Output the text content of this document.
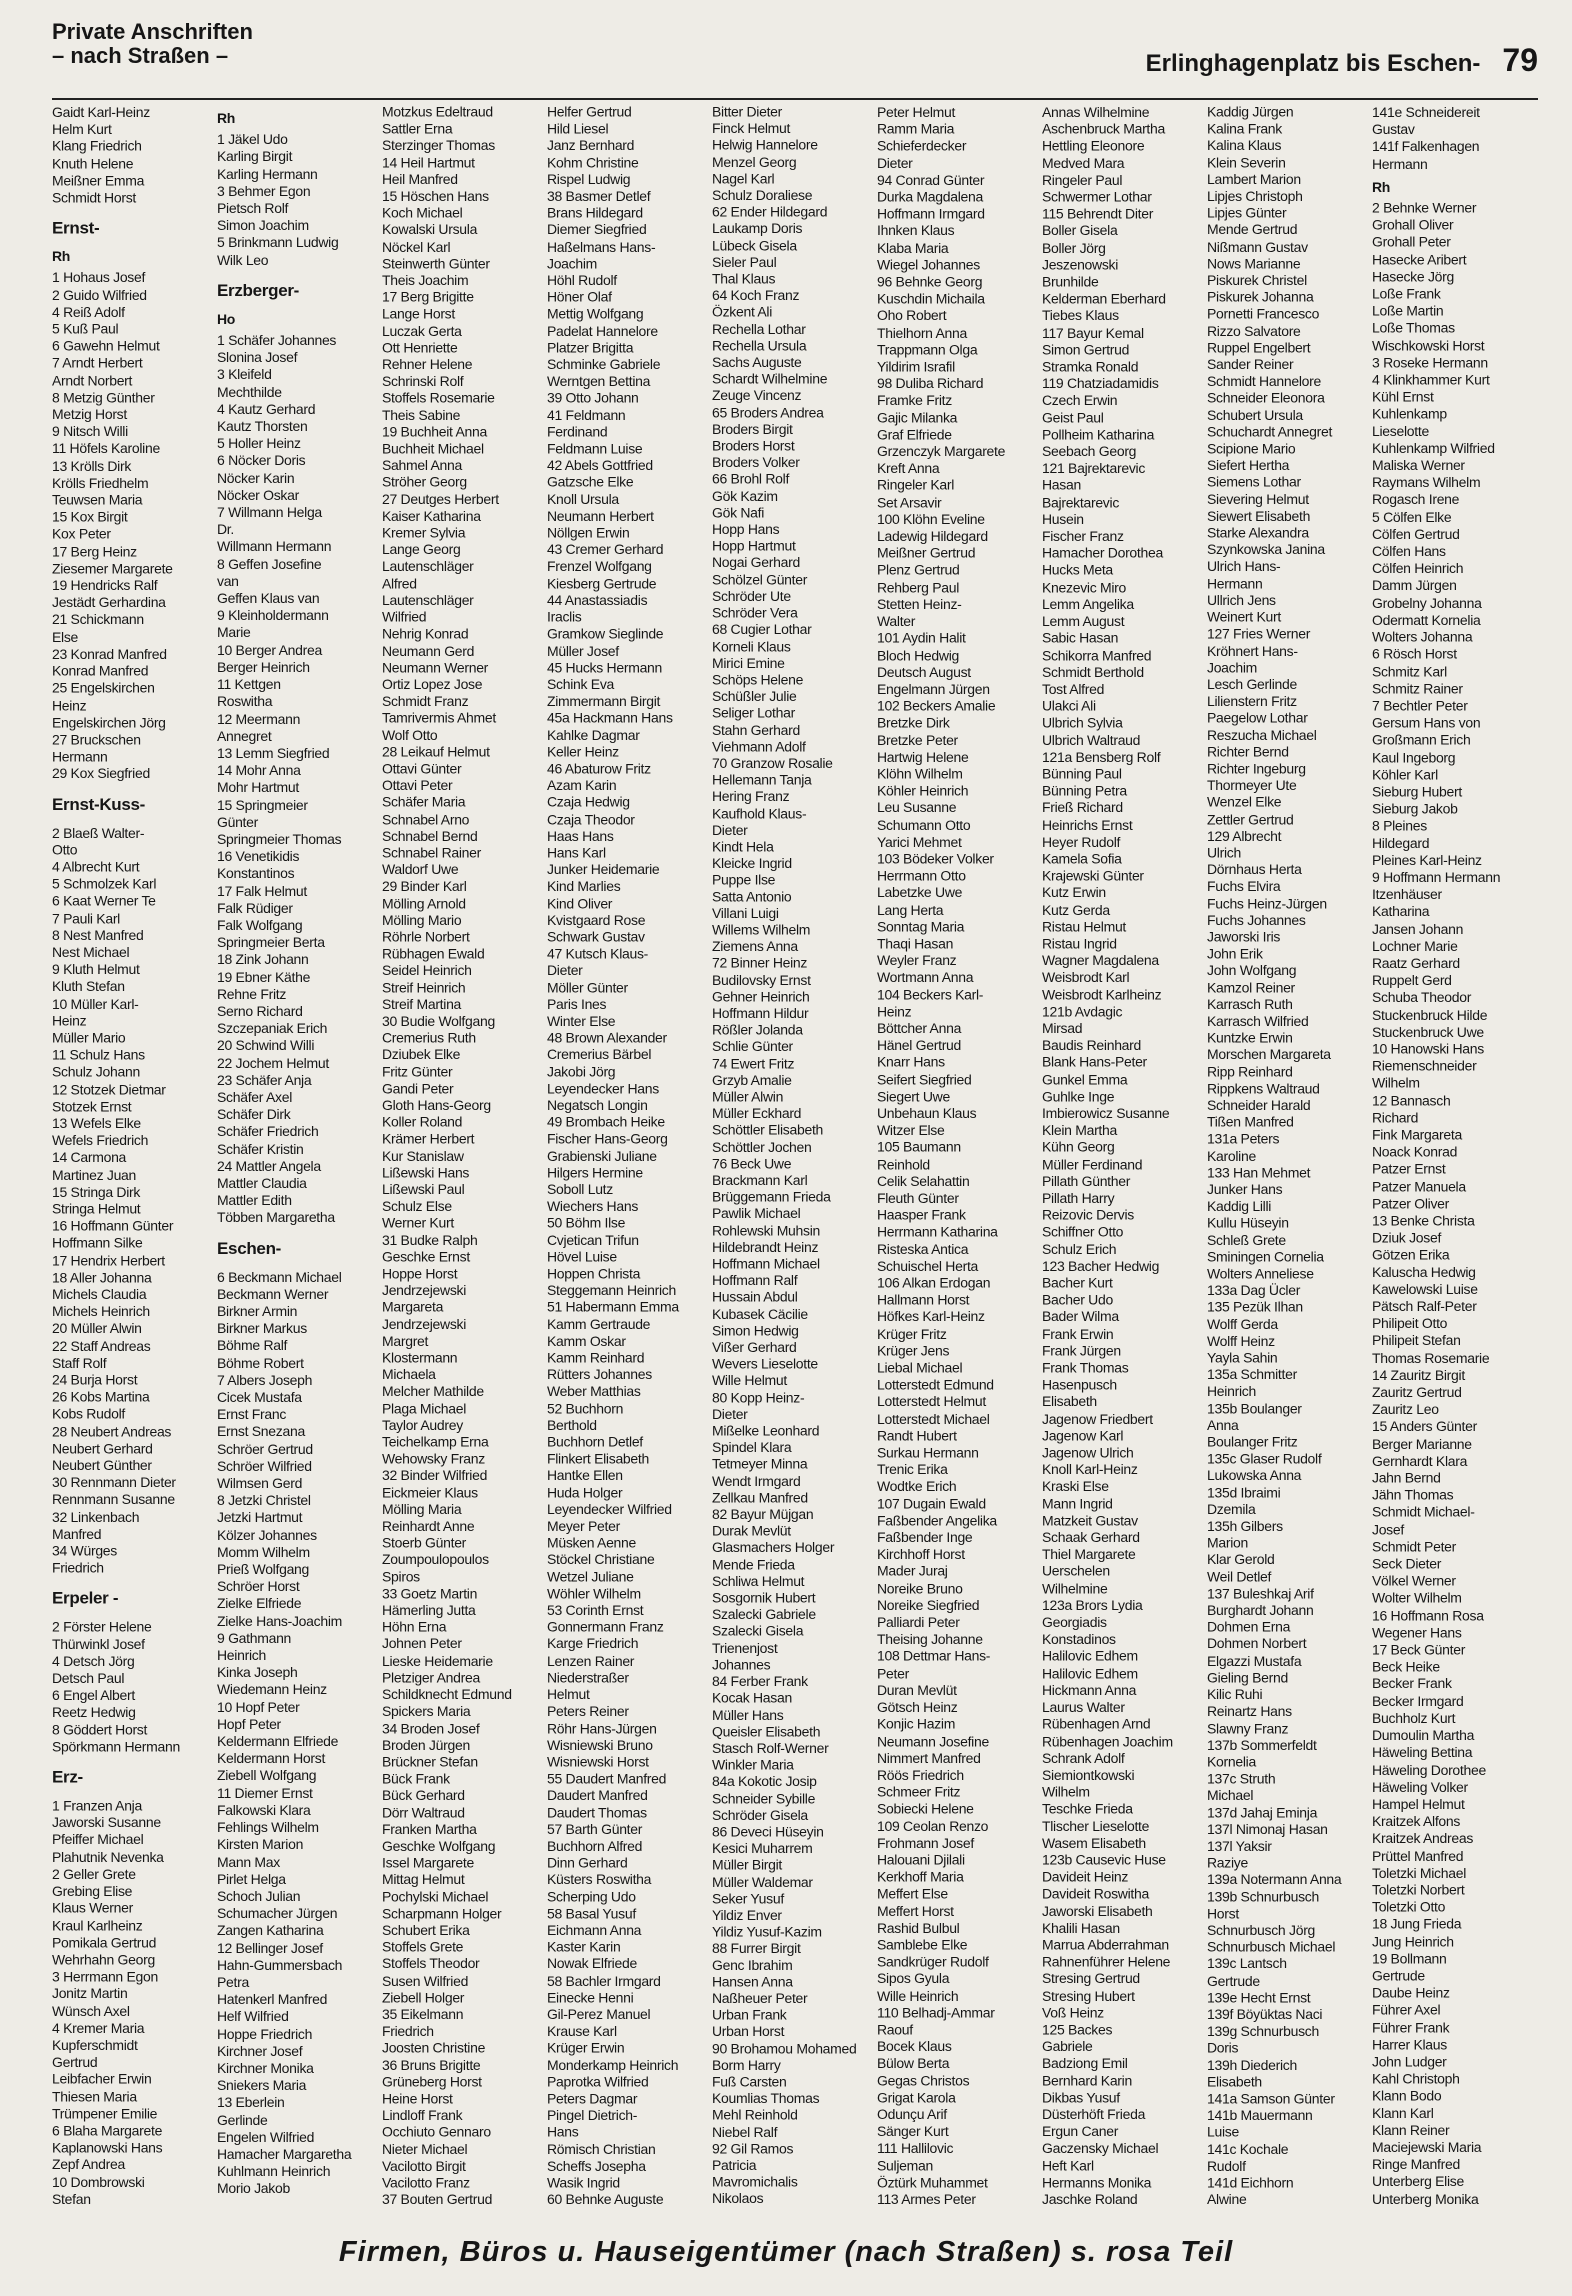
Private Anschriften
– nach Straßen –	Erlinghagenplatz bis Eschen- 79
Gaidt Karl-Heinz
Helm Kurt
Klang Friedrich
Knuth Helene
Meißner Emma
Schmidt Horst
Ernst-
Rh
1 Hohaus Josef
2 Guido Wilfried
4 Reiß Adolf
5 Kuß Paul
6 Gawehn Helmut
7 Arndt Herbert
Arndt Norbert
8 Metzig Günther
Metzig Horst
9 Nitsch Willi
11 Höfels Karoline
13 Krölls Dirk
Krölls Friedhelm
Teuwsen Maria
15 Kox Birgit
Kox Peter
17 Berg Heinz
Ziesemer Margarete
19 Hendricks Ralf
Jestädt Gerhardina
21 Schickmann
Else
23 Konrad Manfred
Konrad Manfred
25 Engelskirchen
Heinz
Engelskirchen Jörg
27 Bruckschen
Hermann
29 Kox Siegfried
Ernst-Kuss-
2 Blaeß Walter-
Otto
4 Albrecht Kurt
5 Schmolzek Karl
6 Kaat Werner Te
7 Pauli Karl
8 Nest Manfred
Nest Michael
9 Kluth Helmut
Kluth Stefan
10 Müller Karl-
Heinz
Müller Mario
11 Schulz Hans
Schulz Johann
12 Stotzek Dietmar
Stotzek Ernst
13 Wefels Elke
Wefels Friedrich
14 Carmona
Martinez Juan
15 Stringa Dirk
Stringa Helmut
16 Hoffmann Günter
Hoffmann Silke
17 Hendrix Herbert
18 Aller Johanna
Michels Claudia
Michels Heinrich
20 Müller Alwin
22 Staff Andreas
Staff Rolf
24 Burja Horst
26 Kobs Martina
Kobs Rudolf
28 Neubert Andreas
Neubert Gerhard
Neubert Günther
30 Rennmann Dieter
Rennmann Susanne
32 Linkenbach
Manfred
34 Würges
Friedrich
Erpeler -
2 Förster Helene
Thürwinkl Josef
4 Detsch Jörg
Detsch Paul
6 Engel Albert
Reetz Hedwig
8 Göddert Horst
Spörkmann Hermann
Erz-
1 Franzen Anja
Jaworski Susanne
Pfeiffer Michael
Plahutnik Nevenka
2 Geller Grete
Grebing Elise
Klaus Werner
Kraul Karlheinz
Pomikala Gertrud
Wehrhahn Georg
3 Herrmann Egon
Jonitz Martin
Wünsch Axel
4 Kremer Maria
Kupferschmidt
Gertrud
Leibfacher Erwin
Thiesen Maria
Trümpener Emilie
6 Blaha Margarete
Kaplanowski Hans
Zepf Andrea
10 Dombrowski
Stefan
Rh
1 Jäkel Udo
Karling Birgit
Karling Hermann
3 Behmer Egon
Pietsch Rolf
Simon Joachim
5 Brinkmann Ludwig
Wilk Leo
Erzberger-
Ho
1 Schäfer Johannes
Slonina Josef
3 Kleifeld
Mechthilde
4 Kautz Gerhard
Kautz Thorsten
5 Holler Heinz
6 Nöcker Doris
Nöcker Karin
Nöcker Oskar
7 Willmann Helga
Dr.
Willmann Hermann
8 Geffen Josefine
van
Geffen Klaus van
9 Kleinholdermann
Marie
10 Berger Andrea
Berger Heinrich
11 Kettgen
Roswitha
12 Meermann
Annegret
13 Lemm Siegfried
14 Mohr Anna
Mohr Hartmut
15 Springmeier
Günter
Springmeier Thomas
16 Venetikidis
Konstantinos
17 Falk Helmut
Falk Rüdiger
Falk Wolfgang
Springmeier Berta
18 Zink Johann
19 Ebner Käthe
Rehne Fritz
Serno Richard
Szczepaniak Erich
20 Schwind Willi
22 Jochem Helmut
23 Schäfer Anja
Schäfer Axel
Schäfer Dirk
Schäfer Friedrich
Schäfer Kristin
24 Mattler Angela
Mattler Claudia
Mattler Edith
Többen Margaretha
Eschen-
6 Beckmann Michael
Beckmann Werner
Birkner Armin
Birkner Markus
Böhme Ralf
Böhme Robert
7 Albers Joseph
Cicek Mustafa
Ernst Franc
Ernst Snezana
Schröer Gertrud
Schröer Wilfried
Wilmsen Gerd
8 Jetzki Christel
Jetzki Hartmut
Kölzer Johannes
Momm Wilhelm
Prieß Wolfgang
Schröer Horst
Zielke Elfriede
Zielke Hans-Joachim
9 Gathmann
Heinrich
Kinka Joseph
Wiedemann Heinz
10 Hopf Peter
Hopf Peter
Keldermann Elfriede
Keldermann Horst
Ziebell Wolfgang
11 Diemer Ernst
Falkowski Klara
Fehlings Wilhelm
Kirsten Marion
Mann Max
Pirlet Helga
Schoch Julian
Schumacher Jürgen
Zangen Katharina
12 Bellinger Josef
Hahn-Gummersbach
Petra
Hatenkerl Manfred
Helf Wilfried
Hoppe Friedrich
Kirchner Josef
Kirchner Monika
Sniekers Maria
13 Eberlein
Gerlinde
Engelen Wilfried
Hamacher Margaretha
Kuhlmann Heinrich
Morio Jakob
Motzkus Edeltraud
Sattler Erna
Sterzinger Thomas
14 Heil Hartmut
Heil Manfred
15 Höschen Hans
Koch Michael
Kowalski Ursula
Nöckel Karl
Steinwerth Günter
Theis Joachim
17 Berg Brigitte
Lange Horst
Luczak Gerta
Ott Henriette
Rehner Helene
Schrinski Rolf
Stoffels Rosemarie
Theis Sabine
19 Buchheit Anna
Buchheit Michael
Sahmel Anna
Ströher Georg
27 Deutges Herbert
Kaiser Katharina
Kremer Sylvia
Lange Georg
Lautenschläger
Alfred
Lautenschläger
Wilfried
Nehrig Konrad
Neumann Gerd
Neumann Werner
Ortiz Lopez Jose
Schmidt Franz
Tamrivermis Ahmet
Wolf Otto
28 Leikauf Helmut
Ottavi Günter
Ottavi Peter
Schäfer Maria
Schnabel Arno
Schnabel Bernd
Schnabel Rainer
Waldorf Uwe
29 Binder Karl
Mölling Arnold
Mölling Mario
Röhrle Norbert
Rübhagen Ewald
Seidel Heinrich
Streif Heinrich
Streif Martina
30 Budie Wolfgang
Cremerius Ruth
Dziubek Elke
Fritz Günter
Gandi Peter
Gloth Hans-Georg
Koller Roland
Krämer Herbert
Kur Stanislaw
Lißewski Hans
Lißewski Paul
Schulz Else
Werner Kurt
31 Budke Ralph
Geschke Ernst
Hoppe Horst
Jendrzejewski
Margareta
Jendrzejewski
Margret
Klostermann
Michaela
Melcher Mathilde
Plaga Michael
Taylor Audrey
Teichelkamp Erna
Wehowsky Franz
32 Binder Wilfried
Eickmeier Klaus
Mölling Maria
Reinhardt Anne
Stoerb Günter
Zoumpoulopoulos
Spiros
33 Goetz Martin
Hämerling Jutta
Höhn Erna
Johnen Peter
Lieske Heidemarie
Pletziger Andrea
Schildknecht Edmund
Spickers Maria
34 Broden Josef
Broden Jürgen
Brückner Stefan
Bück Frank
Bück Gerhard
Dörr Waltraud
Franken Martha
Geschke Wolfgang
Issel Margarete
Mittag Helmut
Pochylski Michael
Scharpmann Holger
Schubert Erika
Stoffels Grete
Stoffels Theodor
Susen Wilfried
Ziebell Holger
35 Eikelmann
Friedrich
Joosten Christine
36 Bruns Brigitte
Grüneberg Horst
Heine Horst
Lindloff Frank
Occhiuto Gennaro
Nieter Michael
Vacilotto Birgit
Vacilotto Franz
37 Bouten Gertrud
Helfer Gertrud
Hild Liesel
Janz Bernhard
Kohm Christine
Rispel Ludwig
38 Basmer Detlef
Brans Hildegard
Diemer Siegfried
Haßelmans Hans-
Joachim
Höhl Rudolf
Höner Olaf
Mettig Wolfgang
Padelat Hannelore
Platzer Brigitta
Schminke Gabriele
Werntgen Bettina
39 Otto Johann
41 Feldmann
Ferdinand
Feldmann Luise
42 Abels Gottfried
Gatzsche Elke
Knoll Ursula
Neumann Herbert
Nöllgen Erwin
43 Cremer Gerhard
Frenzel Wolfgang
Kiesberg Gertrude
44 Anastassiadis
Iraclis
Gramkow Sieglinde
Müller Josef
45 Hucks Hermann
Schink Eva
Zimmermann Birgit
45a Hackmann Hans
Kahlke Dagmar
Keller Heinz
46 Abaturow Fritz
Azam Karin
Czaja Hedwig
Czaja Theodor
Haas Hans
Hans Karl
Junker Heidemarie
Kind Marlies
Kind Oliver
Kvistgaard Rose
Schwark Gustav
47 Kutsch Klaus-
Dieter
Möller Günter
Paris Ines
Winter Else
48 Brown Alexander
Cremerius Bärbel
Jakobi Jörg
Leyendecker Hans
Negatsch Longin
49 Brombach Heike
Fischer Hans-Georg
Grabienski Juliane
Hilgers Hermine
Soboll Lutz
Wiechers Hans
50 Böhm Ilse
Cvjetican Trifun
Hövel Luise
Hoppen Christa
Steggemann Heinrich
51 Habermann Emma
Kamm Gertraude
Kamm Oskar
Kamm Reinhard
Rütters Johannes
Weber Matthias
52 Buchhorn
Berthold
Buchhorn Detlef
Flinkert Elisabeth
Hantke Ellen
Huda Holger
Leyendecker Wilfried
Meyer Peter
Müsken Aenne
Stöckel Christiane
Wetzel Juliane
Wöhler Wilhelm
53 Corinth Ernst
Gonnermann Franz
Karge Friedrich
Lenzen Rainer
Niederstraßer
Helmut
Peters Reiner
Röhr Hans-Jürgen
Wisniewski Bruno
Wisniewski Horst
55 Daudert Manfred
Daudert Manfred
Daudert Thomas
57 Barth Günter
Buchhorn Alfred
Dinn Gerhard
Küsters Roswitha
Scherping Udo
58 Basal Yusuf
Eichmann Anna
Kaster Karin
Nowak Elfriede
58 Bachler Irmgard
Einecke Henni
Gil-Perez Manuel
Krause Karl
Krüger Erwin
Monderkamp Heinrich
Paprotka Wilfried
Peters Dagmar
Pingel Dietrich-
Hans
Römisch Christian
Scheffs Josepha
Wasik Ingrid
60 Behnke Auguste
Bitter Dieter
Finck Helmut
Helwig Hannelore
Menzel Georg
Nagel Karl
Schulz Doraliese
62 Ender Hildegard
Laukamp Doris
Lübeck Gisela
Sieler Paul
Thal Klaus
64 Koch Franz
Özkent Ali
Rechella Lothar
Rechella Ursula
Sachs Auguste
Schardt Wilhelmine
Zeuge Vincenz
65 Broders Andrea
Broders Birgit
Broders Horst
Broders Volker
66 Brohl Rolf
Gök Kazim
Gök Nafi
Hopp Hans
Hopp Hartmut
Nogai Gerhard
Schölzel Günter
Schröder Ute
Schröder Vera
68 Cugier Lothar
Korneli Klaus
Mirici Emine
Schöps Helene
Schüßler Julie
Seliger Lothar
Stahn Gerhard
Viehmann Adolf
70 Granzow Rosalie
Hellemann Tanja
Hering Franz
Kaufhold Klaus-
Dieter
Kindt Hela
Kleicke Ingrid
Puppe Ilse
Satta Antonio
Villani Luigi
Willems Wilhelm
Ziemens Anna
72 Binner Heinz
Budilovsky Ernst
Gehner Heinrich
Hoffmann Hildur
Rößler Jolanda
Schlie Günter
74 Ewert Fritz
Grzyb Amalie
Müller Alwin
Müller Eckhard
Schöttler Elisabeth
Schöttler Jochen
76 Beck Uwe
Brackmann Karl
Brüggemann Frieda
Pawlik Michael
Rohlewski Muhsin
Hildebrandt Heinz
Hoffmann Michael
Hoffmann Ralf
Hussain Abdul
Kubasek Cäcilie
Simon Hedwig
Vißer Gerhard
Wevers Lieselotte
Wille Helmut
80 Kopp Heinz-
Dieter
Mißelke Leonhard
Spindel Klara
Tetmeyer Minna
Wendt Irmgard
Zellkau Manfred
82 Bayur Müjgan
Durak Mevlüt
Glasmachers Holger
Mende Frieda
Schliwa Helmut
Sosgornik Hubert
Szalecki Gabriele
Szalecki Gisela
Trienenjost
Johannes
84 Ferber Frank
Kocak Hasan
Müller Hans
Queisler Elisabeth
Stasch Rolf-Werner
Winkler Maria
84a Kokotic Josip
Schneider Sybille
Schröder Gisela
86 Deveci Hüseyin
Kesici Muharrem
Müller Birgit
Müller Waldemar
Seker Yusuf
Yildiz Enver
Yildiz Yusuf-Kazim
88 Furrer Birgit
Genc Ibrahim
Hansen Anna
Naßheuer Peter
Urban Frank
Urban Horst
90 Brohamou Mohamed
Borm Harry
Fuß Carsten
Koumlias Thomas
Mehl Reinhold
Niebel Ralf
92 Gil Ramos
Patricia
Mavromichalis
Nikolaos
Peter Helmut
Ramm Maria
Schieferdecker
Dieter
94 Conrad Günter
Durka Magdalena
Hoffmann Irmgard
Ihnken Klaus
Klaba Maria
Wiegel Johannes
96 Behnke Georg
Kuschdin Michaila
Oho Robert
Thielhorn Anna
Trappmann Olga
Yildirim Israfil
98 Duliba Richard
Framke Fritz
Gajic Milanka
Graf Elfriede
Grzenczyk Margarete
Kreft Anna
Ringeler Karl
Set Arsavir
100 Klöhn Eveline
Ladewig Hildegard
Meißner Gertrud
Plenz Gertrud
Rehberg Paul
Stetten Heinz-
Walter
101 Aydin Halit
Bloch Hedwig
Deutsch August
Engelmann Jürgen
102 Beckers Amalie
Bretzke Dirk
Bretzke Peter
Hartwig Helene
Klöhn Wilhelm
Köhler Heinrich
Leu Susanne
Schumann Otto
Yarici Mehmet
103 Bödeker Volker
Herrmann Otto
Labetzke Uwe
Lang Herta
Sonntag Maria
Thaqi Hasan
Weyler Franz
Wortmann Anna
104 Beckers Karl-
Heinz
Böttcher Anna
Hänel Gertrud
Knarr Hans
Seifert Siegfried
Siegert Uwe
Unbehaun Klaus
Witzer Else
105 Baumann
Reinhold
Celik Selahattin
Fleuth Günter
Haasper Frank
Herrmann Katharina
Risteska Antica
Schuischel Herta
106 Alkan Erdogan
Hallmann Horst
Höfkes Karl-Heinz
Krüger Fritz
Krüger Jens
Liebal Michael
Lotterstedt Edmund
Lotterstedt Helmut
Lotterstedt Michael
Randt Hubert
Surkau Hermann
Trenic Erika
Wodtke Erich
107 Dugain Ewald
Faßbender Angelika
Faßbender Inge
Kirchhoff Horst
Mader Juraj
Noreike Bruno
Noreike Siegfried
Palliardi Peter
Theising Johanne
108 Dettmar Hans-
Peter
Duran Mevlüt
Götsch Heinz
Konjic Hazim
Neumann Josefine
Nimmert Manfred
Röös Friedrich
Schmeer Fritz
Sobiecki Helene
109 Ceolan Renzo
Frohmann Josef
Halouani Djilali
Kerkhoff Maria
Meffert Else
Meffert Horst
Rashid Bulbul
Samblebe Elke
Sandkrüger Rudolf
Sipos Gyula
Wille Heinrich
110 Belhadj-Ammar
Raouf
Bocek Klaus
Bülow Berta
Gegas Christos
Grigat Karola
Odunçu Arif
Sänger Kurt
111 Hallilovic
Suljeman
Öztürk Muhammet
113 Armes Peter
Annas Wilhelmine
Aschenbruck Martha
Hettling Eleonore
Medved Mara
Ringeler Paul
Schwermer Lothar
115 Behrendt Diter
Boller Gisela
Boller Jörg
Jeszenowski
Brunhilde
Kelderman Eberhard
Tiebes Klaus
117 Bayur Kemal
Simon Gertrud
Stramka Ronald
119 Chatziadamidis
Czech Erwin
Geist Paul
Pollheim Katharina
Seebach Georg
121 Bajrektarevic
Hasan
Bajrektarevic
Husein
Fischer Franz
Hamacher Dorothea
Hucks Meta
Knezevic Miro
Lemm Angelika
Lemm August
Sabic Hasan
Schikorra Manfred
Schmidt Berthold
Tost Alfred
Ulakci Ali
Ulbrich Sylvia
Ulbrich Waltraud
121a Bensberg Rolf
Bünning Paul
Bünning Petra
Frieß Richard
Heinrichs Ernst
Heyer Rudolf
Kamela Sofia
Krajewski Günter
Kutz Erwin
Kutz Gerda
Ristau Helmut
Ristau Ingrid
Wagner Magdalena
Weisbrodt Karl
Weisbrodt Karlheinz
121b Avdagic
Mirsad
Baudis Reinhard
Blank Hans-Peter
Gunkel Emma
Guhlke Inge
Imbierowicz Susanne
Klein Martha
Kühn Georg
Müller Ferdinand
Pillath Günther
Pillath Harry
Reizovic Dervis
Schiffner Otto
Schulz Erich
123 Bacher Hedwig
Bacher Kurt
Bacher Udo
Bader Wilma
Frank Erwin
Frank Jürgen
Frank Thomas
Hasenpusch
Elisabeth
Jagenow Friedbert
Jagenow Karl
Jagenow Ulrich
Knoll Karl-Heinz
Kraski Else
Mann Ingrid
Matzkeit Gustav
Schaak Gerhard
Thiel Margarete
Uerschelen
Wilhelmine
123a Brors Lydia
Georgiadis
Konstadinos
Halilovic Edhem
Halilovic Edhem
Hickmann Anna
Laurus Walter
Rübenhagen Arnd
Rübenhagen Joachim
Schrank Adolf
Siemiontkowski
Wilhelm
Teschke Frieda
Tlischer Lieselotte
Wasem Elisabeth
123b Causevic Huse
Davideit Heinz
Davideit Roswitha
Jaworski Elisabeth
Khalili Hasan
Marrua Abderrahman
Rahnenführer Helene
Stresing Gertrud
Stresing Hubert
Voß Heinz
125 Backes
Gabriele
Badziong Emil
Bernhard Karin
Dikbas Yusuf
Düsterhöft Frieda
Ergun Caner
Gaczensky Michael
Heft Karl
Hermanns Monika
Jaschke Roland
Kaddig Jürgen
Kalina Frank
Kalina Klaus
Klein Severin
Lambert Marion
Lipjes Christoph
Lipjes Günter
Mende Gertrud
Nißmann Gustav
Nows Marianne
Piskurek Christel
Piskurek Johanna
Pornetti Francesco
Rizzo Salvatore
Ruppel Engelbert
Sander Reiner
Schmidt Hannelore
Schneider Eleonora
Schubert Ursula
Schuchardt Annegret
Scipione Mario
Siefert Hertha
Siemens Lothar
Sievering Helmut
Siewert Elisabeth
Starke Alexandra
Szynkowska Janina
Ulrich Hans-
Hermann
Ullrich Jens
Weinert Kurt
127 Fries Werner
Kröhnert Hans-
Joachim
Lesch Gerlinde
Lilienstern Fritz
Paegelow Lothar
Reszucha Michael
Richter Bernd
Richter Ingeburg
Thormeyer Ute
Wenzel Elke
Zettler Gertrud
129 Albrecht
Ulrich
Dörnhaus Herta
Fuchs Elvira
Fuchs Heinz-Jürgen
Fuchs Johannes
Jaworski Iris
John Erik
John Wolfgang
Kamzol Reiner
Karrasch Ruth
Karrasch Wilfried
Kuntzke Erwin
Morschen Margareta
Ripp Reinhard
Rippkens Waltraud
Schneider Harald
Tißen Manfred
131a Peters
Karoline
133 Han Mehmet
Junker Hans
Kaddig Lilli
Kullu Hüseyin
Schleß Grete
Sminingen Cornelia
Wolters Anneliese
133a Dag Ücler
135 Pezük Ilhan
Wolff Gerda
Wolff Heinz
Yayla Sahin
135a Schmitter
Heinrich
135b Boulanger
Anna
Boulanger Fritz
135c Glaser Rudolf
Lukowska Anna
135d Ibraimi
Dzemila
135h Gilbers
Marion
Klar Gerold
Weil Detlef
137 Buleshkaj Arif
Burghardt Johann
Dohmen Erna
Dohmen Norbert
Elgazzi Mustafa
Gieling Bernd
Kilic Ruhi
Reinartz Hans
Slawny Franz
137b Sommerfeldt
Kornelia
137c Struth
Michael
137d Jahaj Eminja
137l Nimonaj Hasan
137l Yaksir
Raziye
139a Notermann Anna
139b Schnurbusch
Horst
Schnurbusch Jörg
Schnurbusch Michael
139c Lantsch
Gertrude
139e Hecht Ernst
139f Böyüktas Naci
139g Schnurbusch
Doris
139h Diederich
Elisabeth
141a Samson Günter
141b Mauermann
Luise
141c Kochale
Rudolf
141d Eichhorn
Alwine
141e Schneidereit
Gustav
141f Falkenhagen
Hermann
Rh
2 Behnke Werner
Grohall Oliver
Grohall Peter
Hasecke Aribert
Hasecke Jörg
Loße Frank
Loße Martin
Loße Thomas
Wischkowski Horst
3 Roseke Hermann
4 Klinkhammer Kurt
Kühl Ernst
Kuhlenkamp
Lieselotte
Kuhlenkamp Wilfried
Maliska Werner
Raymans Wilhelm
Rogasch Irene
5 Cölfen Elke
Cölfen Gertrud
Cölfen Hans
Cölfen Heinrich
Damm Jürgen
Grobelny Johanna
Odermatt Kornelia
Wolters Johanna
6 Rösch Horst
Schmitz Karl
Schmitz Rainer
7 Bechtler Peter
Gersum Hans von
Großmann Erich
Kaul Ingeborg
Köhler Karl
Sieburg Hubert
Sieburg Jakob
8 Pleines
Hildegard
Pleines Karl-Heinz
9 Hoffmann Hermann
Itzenhäuser
Katharina
Jansen Johann
Lochner Marie
Raatz Gerhard
Ruppelt Gerd
Schuba Theodor
Stuckenbruck Hilde
Stuckenbruck Uwe
10 Hanowski Hans
Riemenschneider
Wilhelm
12 Bannasch
Richard
Fink Margareta
Noack Konrad
Patzer Ernst
Patzer Manuela
Patzer Oliver
13 Benke Christa
Dziuk Josef
Götzen Erika
Kaluscha Hedwig
Kawelowski Luise
Pätsch Ralf-Peter
Philipeit Otto
Philipeit Stefan
Thomas Rosemarie
14 Zauritz Birgit
Zauritz Gertrud
Zauritz Leo
15 Anders Günter
Berger Marianne
Gernhardt Klara
Jahn Bernd
Jähn Thomas
Schmidt Michael-
Josef
Schmidt Peter
Seck Dieter
Völkel Werner
Wolter Wilhelm
16 Hoffmann Rosa
Wegener Hans
17 Beck Günter
Beck Heike
Becker Frank
Becker Irmgard
Buchholz Kurt
Dumoulin Martha
Häweling Bettina
Häweling Dorothee
Häweling Volker
Hampel Helmut
Kraitzek Alfons
Kraitzek Andreas
Prüttel Manfred
Toletzki Michael
Toletzki Norbert
Toletzki Otto
18 Jung Frieda
Jung Heinrich
19 Bollmann
Gertrude
Daube Heinz
Führer Axel
Führer Frank
Harrer Klaus
John Ludger
Kahl Christoph
Klann Bodo
Klann Karl
Klann Reiner
Maciejewski Maria
Ringe Manfred
Unterberg Elise
Unterberg Monika
Firmen, Büros u. Hauseigentümer (nach Straßen) s. rosa Teil
